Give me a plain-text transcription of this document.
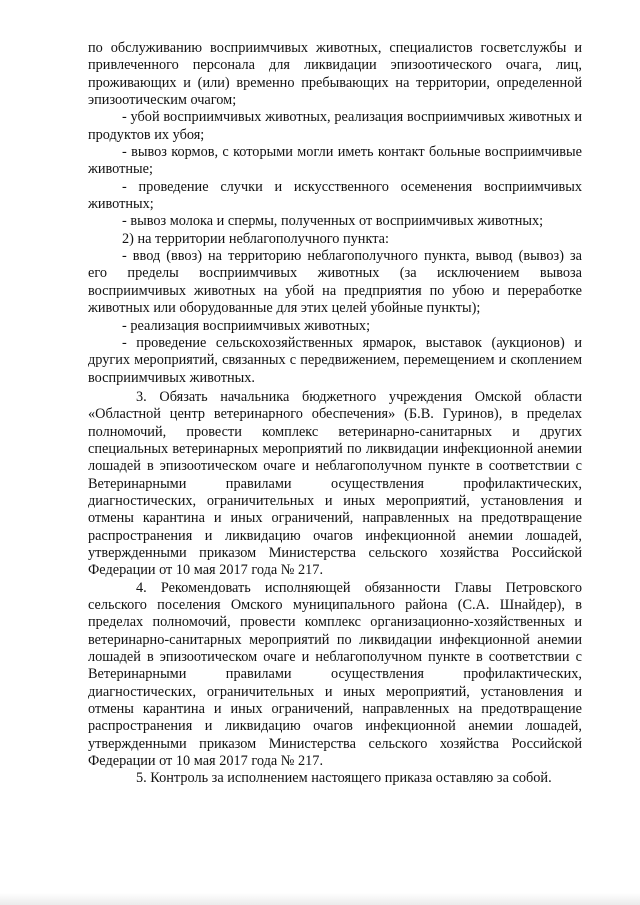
по обслуживанию восприимчивых животных, специалистов госветслужбы и привлеченного персонала для ликвидации эпизоотического очага, лиц, проживающих и (или) временно пребывающих на территории, определенной эпизоотическим очагом;

- убой восприимчивых животных, реализация восприимчивых животных и продуктов их убоя;

- вывоз кормов, с которыми могли иметь контакт больные восприимчивые животные;

- проведение случки и искусственного осеменения восприимчивых животных;

- вывоз молока и спермы, полученных от восприимчивых животных;

2) на территории неблагополучного пункта:

- ввод (ввоз) на территорию неблагополучного пункта, вывод (вывоз) за его пределы восприимчивых животных (за исключением вывоза восприимчивых животных на убой на предприятия по убою и переработке животных или оборудованные для этих целей убойные пункты);

- реализация восприимчивых животных;

- проведение сельскохозяйственных ярмарок, выставок (аукционов) и других мероприятий, связанных с передвижением, перемещением и скоплением восприимчивых животных.

3. Обязать начальника бюджетного учреждения Омской области «Областной центр ветеринарного обеспечения» (Б.В. Гуринов), в пределах полномочий, провести комплекс ветеринарно-санитарных и других специальных ветеринарных мероприятий по ликвидации инфекционной анемии лошадей в эпизоотическом очаге и неблагополучном пункте в соответствии с Ветеринарными правилами осуществления профилактических, диагностических, ограничительных и иных мероприятий, установления и отмены карантина и иных ограничений, направленных на предотвращение распространения и ликвидацию очагов инфекционной анемии лошадей, утвержденными приказом Министерства сельского хозяйства Российской Федерации от 10 мая 2017 года № 217.

4. Рекомендовать исполняющей обязанности Главы Петровского сельского поселения Омского муниципального района (С.А. Шнайдер), в пределах полномочий, провести комплекс организационно-хозяйственных и ветеринарно-санитарных мероприятий по ликвидации инфекционной анемии лошадей в эпизоотическом очаге и неблагополучном пункте в соответствии с Ветеринарными правилами осуществления профилактических, диагностических, ограничительных и иных мероприятий, установления и отмены карантина и иных ограничений, направленных на предотвращение распространения и ликвидацию очагов инфекционной анемии лошадей, утвержденными приказом Министерства сельского хозяйства Российской Федерации от 10 мая 2017 года № 217.

5. Контроль за исполнением настоящего приказа оставляю за собой.
